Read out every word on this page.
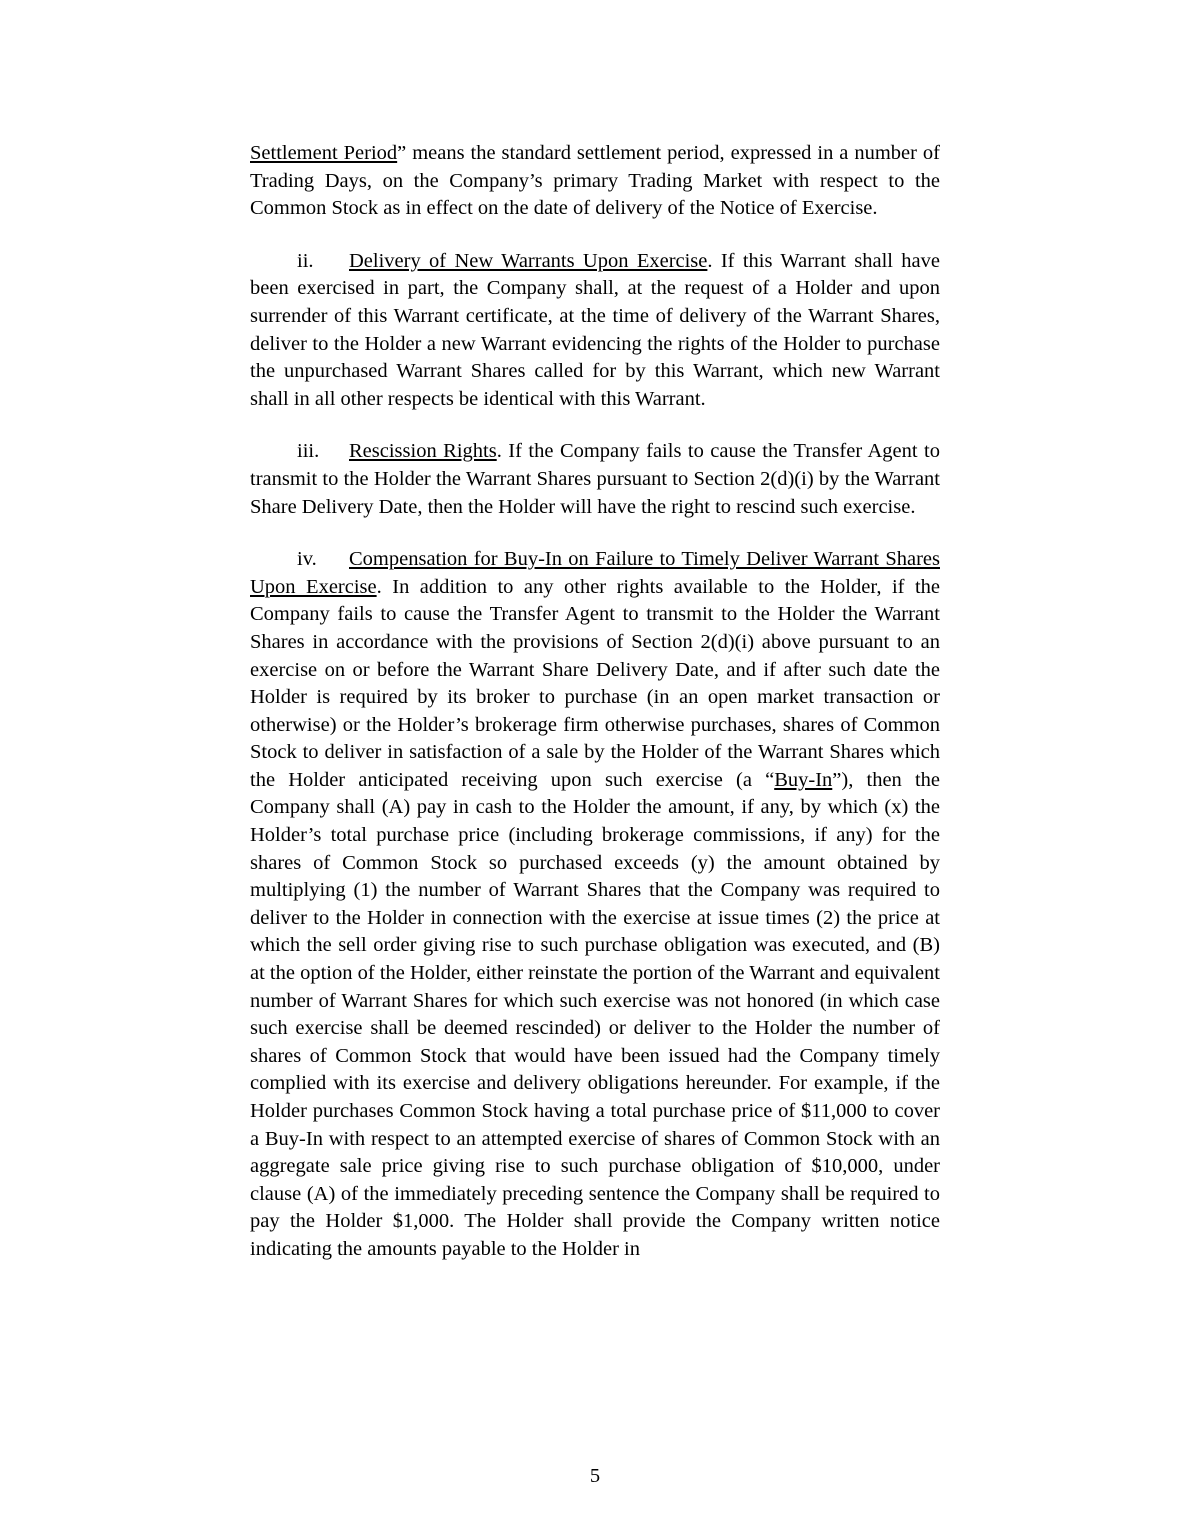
Settlement Period” means the standard settlement period, expressed in a number of Trading Days, on the Company’s primary Trading Market with respect to the Common Stock as in effect on the date of delivery of the Notice of Exercise.

ii. Delivery of New Warrants Upon Exercise. If this Warrant shall have been exercised in part, the Company shall, at the request of a Holder and upon surrender of this Warrant certificate, at the time of delivery of the Warrant Shares, deliver to the Holder a new Warrant evidencing the rights of the Holder to purchase the unpurchased Warrant Shares called for by this Warrant, which new Warrant shall in all other respects be identical with this Warrant.

iii. Rescission Rights. If the Company fails to cause the Transfer Agent to transmit to the Holder the Warrant Shares pursuant to Section 2(d)(i) by the Warrant Share Delivery Date, then the Holder will have the right to rescind such exercise.

iv. Compensation for Buy-In on Failure to Timely Deliver Warrant Shares Upon Exercise. In addition to any other rights available to the Holder, if the Company fails to cause the Transfer Agent to transmit to the Holder the Warrant Shares in accordance with the provisions of Section 2(d)(i) above pursuant to an exercise on or before the Warrant Share Delivery Date, and if after such date the Holder is required by its broker to purchase (in an open market transaction or otherwise) or the Holder’s brokerage firm otherwise purchases, shares of Common Stock to deliver in satisfaction of a sale by the Holder of the Warrant Shares which the Holder anticipated receiving upon such exercise (a “Buy-In”), then the Company shall (A) pay in cash to the Holder the amount, if any, by which (x) the Holder’s total purchase price (including brokerage commissions, if any) for the shares of Common Stock so purchased exceeds (y) the amount obtained by multiplying (1) the number of Warrant Shares that the Company was required to deliver to the Holder in connection with the exercise at issue times (2) the price at which the sell order giving rise to such purchase obligation was executed, and (B) at the option of the Holder, either reinstate the portion of the Warrant and equivalent number of Warrant Shares for which such exercise was not honored (in which case such exercise shall be deemed rescinded) or deliver to the Holder the number of shares of Common Stock that would have been issued had the Company timely complied with its exercise and delivery obligations hereunder. For example, if the Holder purchases Common Stock having a total purchase price of $11,000 to cover a Buy-In with respect to an attempted exercise of shares of Common Stock with an aggregate sale price giving rise to such purchase obligation of $10,000, under clause (A) of the immediately preceding sentence the Company shall be required to pay the Holder $1,000. The Holder shall provide the Company written notice indicating the amounts payable to the Holder in

5
